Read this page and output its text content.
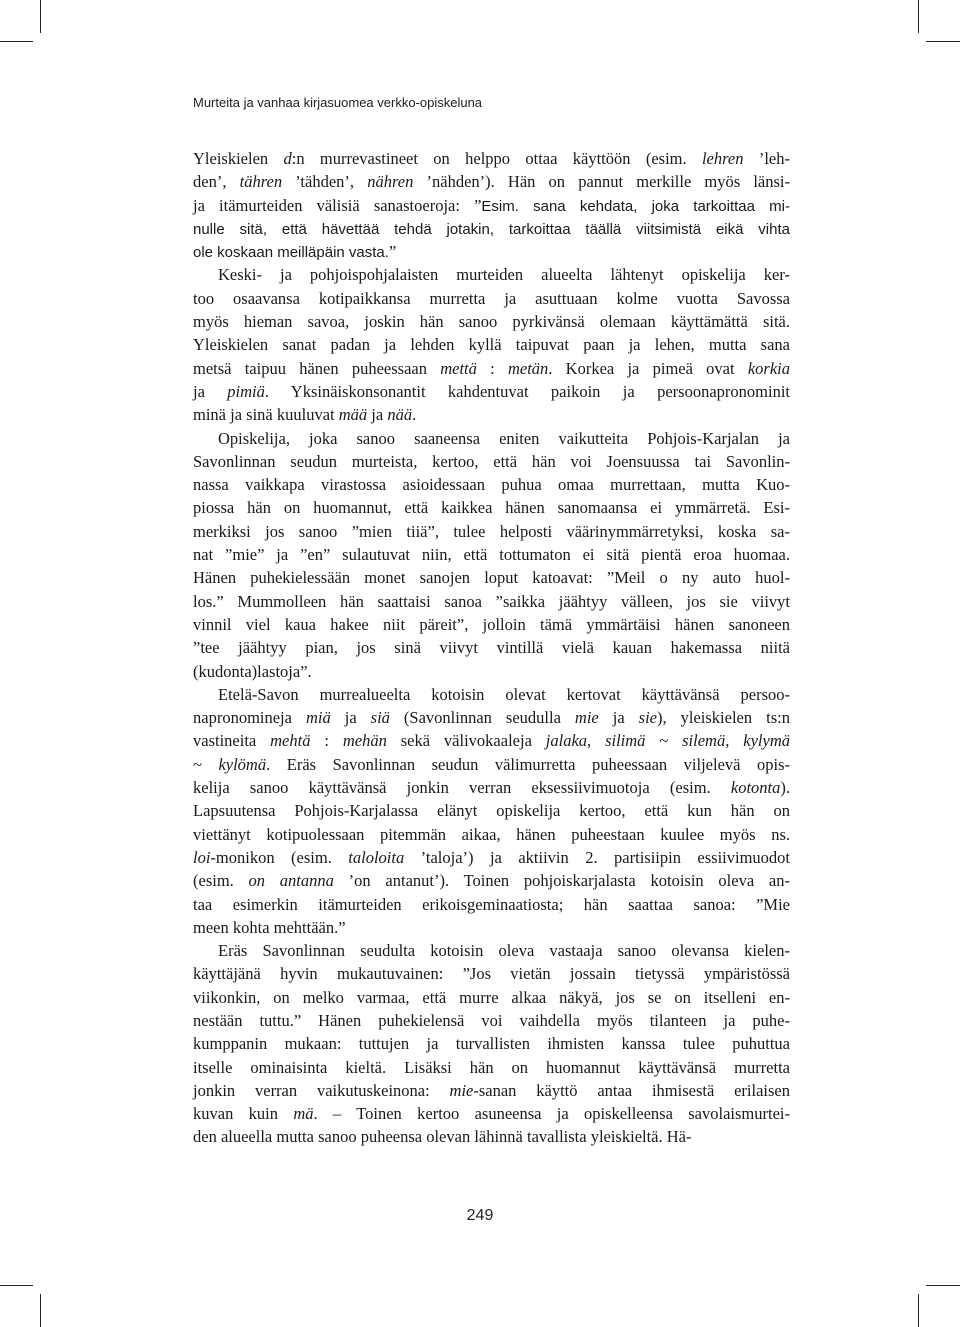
Murteita ja vanhaa kirjasuomea verkko-opiskeluna
Yleiskielen d:n murrevastineet on helppo ottaa käyttöön (esim. lehren ’leh-
den’, tähren ’tähden’, nähren ’nähden’). Hän on pannut merkille myös länsi-
ja itämurteiden välisiä sanastoeroja: ”Esim. sana kehdata, joka tarkoittaa mi-
nulle sitä, että hävettää tehdä jotakin, tarkoittaa täällä viitsimistä eikä vihta
ole koskaan meilläpäin vasta.”
Keski- ja pohjoispohjalaisten murteiden alueelta lähtenyt opiskelija ker-
too osaavansa kotipaikkansa murretta ja asuttuaan kolme vuotta Savossa
myös hieman savoa, joskin hän sanoo pyrkivänsä olemaan käyttämättä sitä.
Yleiskielen sanat padan ja lehden kyllä taipuvat paan ja lehen, mutta sana
metsä taipuu hänen puheessaan mettä : metän. Korkea ja pimeä ovat korkia
ja pimiä. Yksinäiskonsonantit kahdentuvat paikoin ja persoonapronominit
minä ja sinä kuuluvat mää ja nää.
Opiskelija, joka sanoo saaneensa eniten vaikutteita Pohjois-Karjalan ja
Savonlinnan seudun murteista, kertoo, että hän voi Joensuussa tai Savonlin-
nassa vaikkapa virastossa asioidessaan puhua omaa murrettaan, mutta Kuo-
piossa hän on huomannut, että kaikkea hänen sanomaansa ei ymmärretä. Esi-
merkiksi jos sanoo ”mien tiiä”, tulee helposti väärinymmärretyksi, koska sa-
nat ”mie” ja ”en” sulautuvat niin, että tottumaton ei sitä pientä eroa huomaa.
Hänen puhekielessään monet sanojen loput katoavat: ”Meil o ny auto huol-
los.” Mummolleen hän saattaisi sanoa ”saikka jäähtyy välleen, jos sie viivyt
vinnil viel kaua hakee niit päreit”, jolloin tämä ymmärtäisi hänen sanoneen
”tee jäähtyy pian, jos sinä viivyt vintillä vielä kauan hakemassa niitä
(kudonta)lastoja”.
Etelä-Savon murrealueelta kotoisin olevat kertovat käyttävänsä persoo-
napronomineja miä ja siä (Savonlinnan seudulla mie ja sie), yleiskielen ts:n
vastineita mehtä : mehän sekä välivokaaleja jalaka, silimä ~ silemä, kylymä
~ kylömä. Eräs Savonlinnan seudun välimurretta puheessaan viljelevä opis-
kelija sanoo käyttävänsä jonkin verran eksessiivimuotoja (esim. kotonta).
Lapsuutensa Pohjois-Karjalassa elänyt opiskelija kertoo, että kun hän on
viettänyt kotipuolessaan pitemmän aikaa, hänen puheestaan kuulee myös ns.
loi-monikon (esim. taloloita ’taloja’) ja aktiivin 2. partisiipin essiivimuodot
(esim. on antanna ’on antanut’). Toinen pohjoiskarjalasta kotoisin oleva an-
taa esimerkin itämurteiden erikoisgeminaatiosta; hän saattaa sanoa: ”Mie
meen kohta mehttään.”
Eräs Savonlinnan seudulta kotoisin oleva vastaaja sanoo olevansa kielen-
käyttäjänä hyvin mukautuvainen: ”Jos vietän jossain tietyssä ympäristössä
viikonkin, on melko varmaa, että murre alkaa näkyä, jos se on itselleni en-
nestään tuttu.” Hänen puhekielensä voi vaihdella myös tilanteen ja puhe-
kumppanin mukaan: tuttujen ja turvallisten ihmisten kanssa tulee puhuttua
itselle ominaisinta kieltä. Lisäksi hän on huomannut käyttävänsä murretta
jonkin verran vaikutuskeinona: mie-sanan käyttö antaa ihmisestä erilaisen
kuvan kuin mä. – Toinen kertoo asuneensa ja opiskelleensa savolaismurtei-
den alueella mutta sanoo puheensa olevan lähinnä tavallista yleiskieltä. Hä-
249
